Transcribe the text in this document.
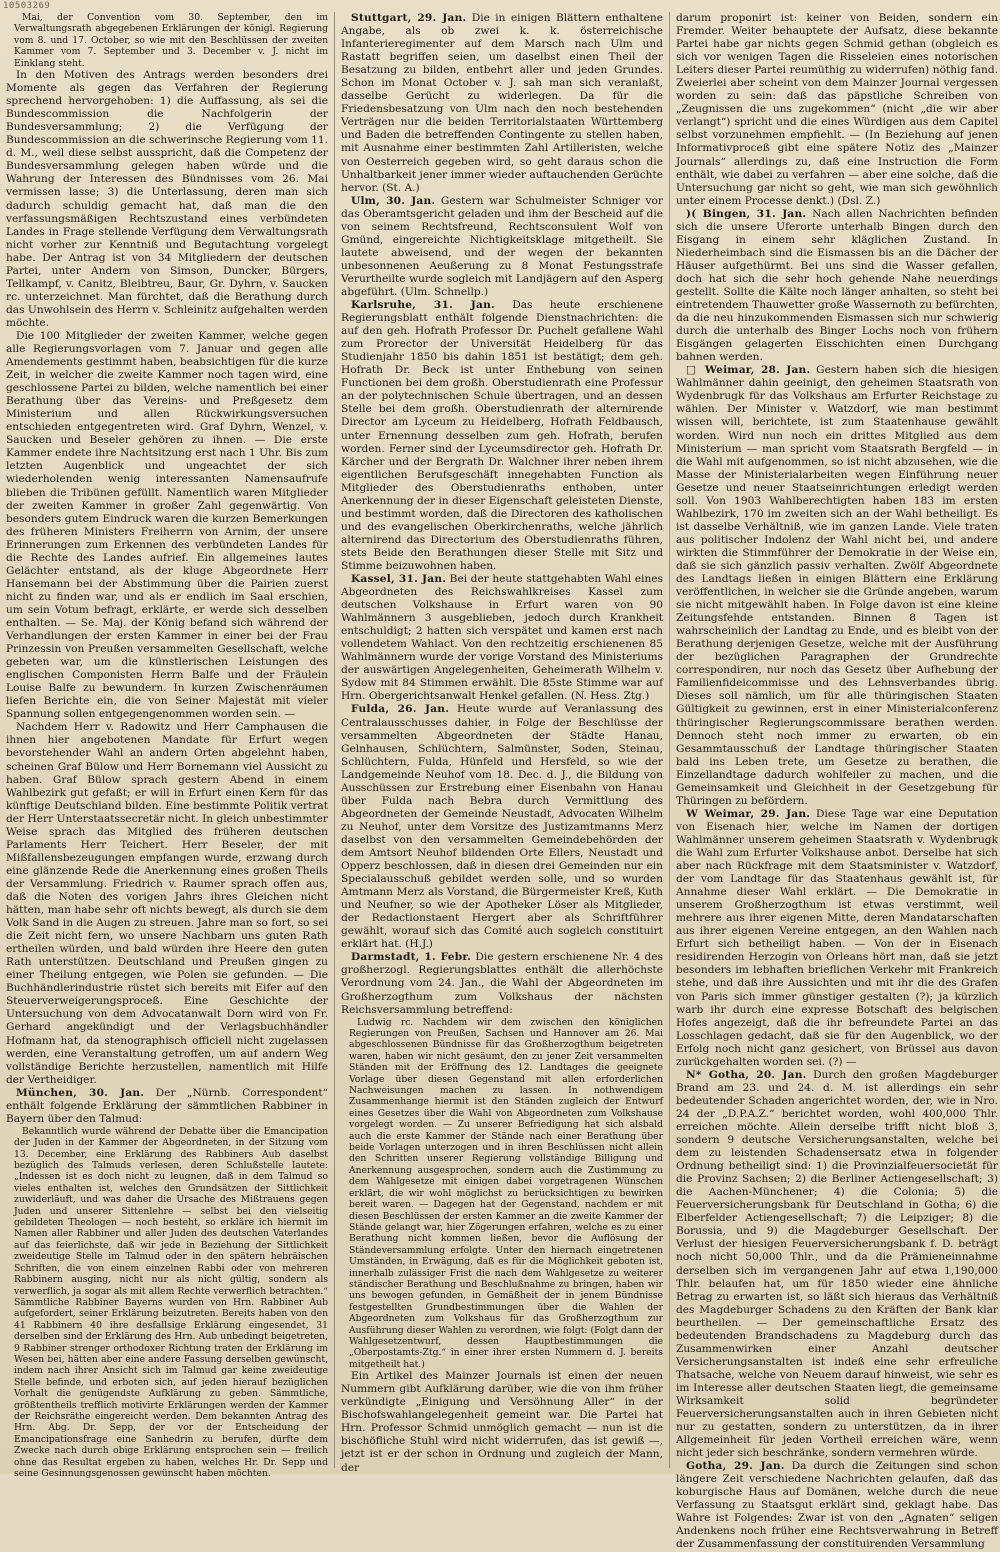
10503269

Mai, der Convention vom 30. September, den im Verwaltungsrath abgegebenen Erklärungen der königl. Regierung vom 8. und 17. October, so wie mit den Beschlüssen der zweiten Kammer vom 7. September und 3. December v. J. nicht im Einklang steht.

In den Motiven des Antrags werden besonders drei Momente als gegen das Verfahren der Regierung sprechend hervorgehoben: 1) die Auffassung, als sei die Bundescommission die Nachfolgerin der Bundesversammlung; 2) die Verfügung der Bundescommission an die schwerinsche Regierung vom 11. d. M., weil diese selbst ausspricht, daß die Competenz der Bundesversammlung gelegen haben würde und die Wahrung der Interessen des Bündnisses vom 26. Mai vermissen lasse; 3) die Unterlassung, deren man sich dadurch schuldig gemacht hat, daß man die den verfassungsmäßigen Rechtszustand eines verbündeten Landes in Frage stellende Verfügung dem Verwaltungsrath nicht vorher zur Kenntniß und Begutachtung vorgelegt habe. Der Antrag ist von 34 Mitgliedern der deutschen Partei, unter Andern von Simson, Duncker, Bürgers, Tellkampf, v. Canitz, Bleibtreu, Baur, Gr. Dyhrn, v. Saucken rc. unterzeichnet. Man fürchtet, daß die Berathung durch das Unwohlsein des Herrn v. Schleinitz aufgehalten werden möchte.

Die 100 Mitglieder der zweiten Kammer, welche gegen alle Regierungsvorlagen vom 7. Januar und gegen alle Amendements gestimmt haben, beabsichtigen für die kurze Zeit, in welcher die zweite Kammer noch tagen wird, eine geschlossene Partei zu bilden, welche namentlich bei einer Berathung über das Vereins- und Preßgesetz dem Ministerium und allen Rückwirkungsversuchen entschieden entgegentreten wird. Graf Dyhrn, Wenzel, v. Saucken und Beseler gehören zu ihnen. — Die erste Kammer endete ihre Nachtsitzung erst nach 1 Uhr. Bis zum letzten Augenblick und ungeachtet der sich wiederholenden wenig interessanten Namensaufrufe blieben die Tribünen gefüllt. Namentlich waren Mitglieder der zweiten Kammer in großer Zahl gegenwärtig. Von besonders gutem Eindruck waren die kurzen Bemerkungen des früheren Ministers Freiherrn von Arnim, der unsere Erinnerungen zum Erkennen des verbündeten Landes für die Rechte des Landes aufrief. Ein allgemeines lautes Gelächter entstand, als der kluge Abgeordnete Herr Hansemann bei der Abstimmung über die Pairien zuerst nicht zu finden war, und als er endlich im Saal erschien, um sein Votum befragt, erklärte, er werde sich desselben enthalten. — Se. Maj. der König befand sich während der Verhandlungen der ersten Kammer in einer bei der Frau Prinzessin von Preußen versammelten Gesellschaft, welche gebeten war, um die künstlerischen Leistungen des englischen Componisten Herrn Balfe und der Fräulein Louise Balfe zu bewundern. In kurzen Zwischenräumen liefen Berichte ein, die von Seiner Majestät mit vieler Spannung sollen entgegengenommen worden sein. —

Nachdem Herr v. Radowitz und Herr Camphausen die ihnen hier angebotenen Mandate für Erfurt wegen bevorstehender Wahl an andern Orten abgelehnt haben, scheinen Graf Bülow und Herr Bornemann viel Aussicht zu haben. Graf Bülow sprach gestern Abend in einem Wahlbezirk gut gefaßt; er will in Erfurt einen Kern für das künftige Deutschland bilden. Eine bestimmte Politik vertrat der Herr Unterstaatssecretär nicht. In gleich unbestimmter Weise sprach das Mitglied des früheren deutschen Parlaments Herr Teichert. Herr Beseler, der mit Mißfallensbezeugungen empfangen wurde, erzwang durch eine glänzende Rede die Anerkennung eines großen Theils der Versammlung. Friedrich v. Raumer sprach offen aus, daß die Noten des vorigen Jahrs ihres Gleichen nicht hätten, man habe sehr oft nichts bewegt, als durch sie dem Volk Sand in die Augen zu streuen. Jahre man so fort, so sei die Zeit nicht fern, wo unsere Nachbarn uns guten Rath ertheilen würden, und bald würden ihre Heere den guten Rath unterstützen. Deutschland und Preußen gingen zu einer Theilung entgegen, wie Polen sie gefunden. — Die Buchhändlerindustrie rüstet sich bereits mit Eifer auf den Steuerverweigerungsproceß. Eine Geschichte der Untersuchung von dem Advocatanwalt Dorn wird von Fr. Gerhard angekündigt und der Verlagsbuchhändler Hofmann hat, da stenographisch officiell nicht zugelassen werden, eine Veranstaltung getroffen, um auf andern Weg vollständige Berichte herzustellen, namentlich mit Hilfe der Vertheidiger.

München, 30. Jan. Der „Nürnb. Correspondent“ enthält folgende Erklärung der sämmtlichen Rabbiner in Bayern über den Talmud:

Bekanntlich wurde während der Debatte über die Emancipation der Juden in der Kammer der Abgeordneten, in der Sitzung vom 13. December, eine Erklärung des Rabbiners Aub daselbst bezüglich des Talmuds verlesen, deren Schlußstelle lautete: „Indessen ist es doch nicht zu leugnen, daß in dem Talmud so vieles enthalten ist, welches den Grundsätzen der Sittlichkeit zuwiderläuft, und was daher die Ursache des Mißtrauens gegen Juden und unserer Sittenlehre — selbst bei den vielseitig gebildeten Theologen — noch besteht, so erkläre ich hiermit im Namen aller Rabbiner und aller Juden des deutschen Vaterlandes auf das feierlichste, daß wir jede in Beziehung der Sittlichkeit zweideutige Stelle im Talmud oder in den spätern hebräischen Schriften, die von einem einzelnen Rabbi oder von mehreren Rabbinern ausging, nicht nur als nicht gültig, sondern als verwerflich, ja sogar als mit allem Rechte verwerflich betrachten.“ Sämmtliche Rabbiner Bayerns wurden von Hrn. Rabbiner Aub aufgefordert, seiner Erklärung beizutreten. Bereits haben von den 41 Rabbinern 40 ihre desfallsige Erklärung eingesendet, 31 derselben sind der Erklärung des Hrn. Aub unbedingt beigetreten, 9 Rabbiner strenger orthodoxer Richtung traten der Erklärung im Wesen bei, hätten aber eine andere Fassung derselben gewünscht, indem nach ihrer Ansicht sich im Talmud gar keine zweideutige Stelle befinde, und erboten sich, auf jeden hierauf bezüglichen Vorhalt die genügendste Aufklärung zu geben. Sämmtliche, größtentheils trefflich motivirte Erklärungen werden der Kammer der Reichsräthe eingereicht werden. Dem bekannten Antrag des Hrn. Abg. Dr. Sepp, der vor der Entscheidung der Emancipationsfrage eine Sanhedrin zu berufen, dürfte dem Zwecke nach durch obige Erklärung entsprochen sein — freilich ohne das Resultat ergeben zu haben, welches Hr. Dr. Sepp und seine Gesinnungsgenossen gewünscht haben möchten.

Stuttgart, 29. Jan. Die in einigen Blättern enthaltene Angabe, als ob zwei k. k. österreichische Infanterieregimenter auf dem Marsch nach Ulm und Rastatt begriffen seien, um daselbst einen Theil der Besatzung zu bilden, entbehrt aller und jeden Grundes. Schon im Monat October v. J. sah man sich veranlaßt, dasselbe Gerücht zu widerlegen. Da für die Friedensbesatzung von Ulm nach den noch bestehenden Verträgen nur die beiden Territorialstaaten Württemberg und Baden die betreffenden Contingente zu stellen haben, mit Ausnahme einer bestimmten Zahl Artilleristen, welche von Oesterreich gegeben wird, so geht daraus schon die Unhaltbarkeit jener immer wieder auftauchenden Gerüchte hervor. (St. A.)

Ulm, 30. Jan. Gestern war Schulmeister Schniger vor das Oberamtsgericht geladen und ihm der Bescheid auf die von seinem Rechtsfreund, Rechtsconsulent Wolf von Gmünd, eingereichte Nichtigkeitsklage mitgetheilt. Sie lautete abweisend, und der wegen der bekannten unbesonnenen Aeußerung zu 8 Monat Festungsstrafe Verurtheilte wurde sogleich mit Landjägern auf den Asperg abgeführt. (Ulm. Schnellp.)

Karlsruhe, 31. Jan. Das heute erschienene Regierungsblatt enthält folgende Dienstnachrichten: die auf den geh. Hofrath Professor Dr. Puchelt gefallene Wahl zum Prorector der Universität Heidelberg für das Studienjahr 1850 bis dahin 1851 ist bestätigt; dem geh. Hofrath Dr. Beck ist unter Enthebung von seinen Functionen bei dem großh. Oberstudienrath eine Professur an der polytechnischen Schule übertragen, und an dessen Stelle bei dem großh. Oberstudienrath der alternirende Director am Lyceum zu Heidelberg, Hofrath Feldbausch, unter Ernennung desselben zum geh. Hofrath, berufen worden. Ferner sind der Lyceumsdirector geh. Hofrath Dr. Kärcher und der Bergrath Dr. Walchner ihrer neben ihrem eigentlichen Berufsgeschäft innegehabten Function als Mitglieder des Oberstudienraths enthoben, unter Anerkennung der in dieser Eigenschaft geleisteten Dienste, und bestimmt worden, daß die Directoren des katholischen und des evangelischen Oberkirchenraths, welche jährlich alternirend das Directorium des Oberstudienraths führen, stets Beide den Berathungen dieser Stelle mit Sitz und Stimme beizuwohnen haben.

Kassel, 31. Jan. Bei der heute stattgehabten Wahl eines Abgeordneten des Reichswahlkreises Kassel zum deutschen Volkshause in Erfurt waren von 90 Wahlmännern 3 ausgeblieben, jedoch durch Krankheit entschuldigt; 2 hatten sich verspätet und kamen erst nach vollendetem Wahlact. Von den rechtzeitig erschienenen 85 Wahlmännern wurde der vorige Vorstand des Ministeriums der auswärtigen Angelegenheiten, Geheimerath Wilhelm v. Sydow mit 84 Stimmen erwählt. Die 85ste Stimme war auf Hrn. Obergerichtsanwalt Henkel gefallen. (N. Hess. Ztg.)

Fulda, 26. Jan. Heute wurde auf Veranlassung des Centralausschusses dahier, in Folge der Beschlüsse der versammelten Abgeordneten der Städte Hanau, Gelnhausen, Schlüchtern, Salmünster, Soden, Steinau, Schlüchtern, Fulda, Hünfeld und Hersfeld, so wie der Landgemeinde Neuhof vom 18. Dec. d. J., die Bildung von Ausschüssen zur Erstrebung einer Eisenbahn von Hanau über Fulda nach Bebra durch Vermittlung des Abgeordneten der Gemeinde Neustadt, Advocaten Wilhelm zu Neuhof, unter dem Vorsitze des Justizamtmanns Merz daselbst von den versammelten Gemeindebehörden der dem Amtsort Neuhof bildenden Orte Ellers, Neustadt und Opperz beschlossen, daß in diesen drei Gemeinden nur ein Specialausschuß gebildet werden solle, und so wurden Amtmann Merz als Vorstand, die Bürgermeister Kreß, Kuth und Neufner, so wie der Apotheker Löser als Mitglieder, der Redactionstaent Hergert aber als Schriftführer gewählt, worauf sich das Comité auch sogleich constituirt erklärt hat. (H.J.)

Darmstadt, 1. Febr. Die gestern erschienene Nr. 4 des großherzogl. Regierungsblattes enthält die allerhöchste Verordnung vom 24. Jan., die Wahl der Abgeordneten im Großherzogthum zum Volkshaus der nächsten Reichsversammlung betreffend:

Ludwig rc. Nachdem wir dem zwischen den königlichen Regierungen von Preußen, Sachsen und Hannover am 26. Mai abgeschlossenen Bündnisse für das Großherzogthum beigetreten waren, haben wir nicht gesäumt, den zu jener Zeit versammelten Ständen mit der Eröffnung des 12. Landtages die geeignete Vorlage über diesen Gegenstand mit allen erforderlichen Nachweisungen machen zu lassen. In nothwendigem Zusammenhange hiermit ist den Ständen zugleich der Entwurf eines Gesetzes über die Wahl von Abgeordneten zum Volkshause vorgelegt worden. — Zu unserer Befriedigung hat sich alsbald auch die erste Kammer der Stände nach einer Berathung über beide Vorlagen unterzogen und in ihren Beschlüssen nicht allein den Schritten unserer Regierung vollständige Billigung und Anerkennung ausgesprochen, sondern auch die Zustimmung zu dem Wahlgesetze mit einigen dabei vorgetragenen Wünschen erklärt, die wir wohl möglichst zu berücksichtigen zu bewirken bereit waren. — Dagegen hat der Gegenstand, nachdem er mit diesen Beschlüssen der ersten Kammer an die zweite Kammer der Stände gelangt war, hier Zögerungen erfahren, welche es zu einer Berathung nicht kommen ließen, bevor die Auflösung der Ständeversammlung erfolgte. Unter den hiernach eingetretenen Umständen, in Erwägung, daß es für die Möglichkeit geboten ist, innerhalb zulässiger Frist die nach dem Wahlgesetze zu weiterer ständischer Berathung und Beschlußnahme zu bringen, haben wir uns bewogen gefunden, in Gemäßheit der in jenem Bündnisse festgestellten Grundbestimmungen über die Wahlen der Abgeordneten zum Volkshaus für das Großherzogthum zur Ausführung dieser Wahlen zu verordnen, wie folgt: (Folgt dann der Wahlgesetzentwurf, dessen Hauptbestimmungen die „Oberpostamts-Ztg.“ in einer ihrer ersten Nummern d. J. bereits mitgetheilt hat.)

Ein Artikel des Mainzer Journals ist einen der neuen Nummern gibt Aufklärung darüber, wie die von ihm früher verkündigte „Einigung und Versöhnung Aller“ in der Bischofswahlangelegenheit gemeint war. Die Partei hat Hrn. Professor Schmid unmöglich gemacht — nun ist die bischöfliche Stuhl wird nicht widerrufen, das ist gewiß —, jetzt ist er der schon in Ordnung und zugleich der Mann, der

darum proponirt ist: keiner von Beiden, sondern ein Fremder. Weiter behauptete der Aufsatz, diese bekannte Partei habe gar nichts gegen Schmid gethan (obgleich es sich vor wenigen Tagen die Risseleien eines notorischen Leiters dieser Partei reumüthig zu widerrufen) nöthig fand. Zweierlei aber scheint von dem Mainzer Journal vergessen worden zu sein: daß das päpstliche Schreiben von „Zeugnissen die uns zugekommen“ (nicht „die wir aber verlangt“) spricht und die eines Würdigen aus dem Capitel selbst vorzunehmen empfiehlt. — (In Beziehung auf jenen Informativproceß gibt eine spätere Notiz des „Mainzer Journals“ allerdings zu, daß eine Instruction die Form enthält, wie dabei zu verfahren — aber eine solche, daß die Untersuchung gar nicht so geht, wie man sich gewöhnlich unter einem Processe denkt.) (Dsl. Z.)

)( Bingen, 31. Jan. Nach allen Nachrichten befinden sich die unsere Uferorte unterhalb Bingen durch den Eisgang in einem sehr kläglichen Zustand. In Niederheimbach sind die Eismassen bis an die Dächer der Häuser aufgethürmt. Bei uns sind die Wasser gefallen, doch hat sich die sehr hoch gehende Nahe neuerdings gestellt. Sollte die Kälte noch länger anhalten, so steht bei eintretendem Thauwetter große Wassernoth zu befürchten, da die neu hinzukommenden Eismassen sich nur schwierig durch die unterhalb des Binger Lochs noch von frühern Eisgängen gelagerten Eisschichten einen Durchgang bahnen werden.

□ Weimar, 28. Jan. Gestern haben sich die hiesigen Wahlmänner dahin geeinigt, den geheimen Staatsrath von Wydenbrugk für das Volkshaus am Erfurter Reichstage zu wählen. Der Minister v. Watzdorf, wie man bestimmt wissen will, berichtete, ist zum Staatenhause gewählt worden. Wird nun noch ein drittes Mitglied aus dem Ministerium — man spricht vom Staatsrath Bergfeld — in die Wahl mit aufgenommen, so ist nicht abzusehen, wie die Masse der Ministerialarbeiten wegen Einführung neuer Gesetze und neuer Staatseinrichtungen erledigt werden soll. Von 1903 Wahlberechtigten haben 183 im ersten Wahlbezirk, 170 im zweiten sich an der Wahl betheiligt. Es ist dasselbe Verhältniß, wie im ganzen Lande. Viele traten aus politischer Indolenz der Wahl nicht bei, und andere wirkten die Stimmführer der Demokratie in der Weise ein, daß sie sich gänzlich passiv verhalten. Zwölf Abgeordnete des Landtags ließen in einigen Blättern eine Erklärung veröffentlichen, in welcher sie die Gründe angeben, warum sie nicht mitgewählt haben. In Folge davon ist eine kleine Zeitungsfehde entstanden. Binnen 8 Tagen ist wahrscheinlich der Landtag zu Ende, und es bleibt von der Berathung derjenigen Gesetze, welche mit der Ausführung der bezüglichen Paragraphen der Grundrechte correspondiren, nur noch das Gesetz über Aufhebung der Familienfideicommisse und des Lehnsverbandes übrig. Dieses soll nämlich, um für alle thüringischen Staaten Gültigkeit zu gewinnen, erst in einer Ministerialconferenz thüringischer Regierungscommissare berathen werden. Dennoch steht noch immer zu erwarten, ob ein Gesammtausschuß der Landtage thüringischer Staaten bald ins Leben trete, um Gesetze zu berathen, die Einzellandtage dadurch wohlfeiler zu machen, und die Gemeinsamkeit und Gleichheit in der Gesetzgebung für Thüringen zu befördern.

W Weimar, 29. Jan. Diese Tage war eine Deputation von Eisenach hier, welche im Namen der dortigen Wahlmänner unserem geheimen Staatsrath v. Wydenbrugk die Wahl zum Erfurter Volkshause anbot. Derselbe hat sich aber nach Rückfrage mit dem Staatsminister v. Watzdorf, der vom Landtage für das Staatenhaus gewählt ist, für Annahme dieser Wahl erklärt. — Die Demokratie in unserem Großherzogthum ist etwas verstimmt, weil mehrere aus ihrer eigenen Mitte, deren Mandatarschaften aus ihrer eigenen Vereine entgegen, an den Wahlen nach Erfurt sich betheiligt haben. — Von der in Eisenach residirenden Herzogin von Orleans hört man, daß sie jetzt besonders im lebhaften brieflichen Verkehr mit Frankreich stehe, und daß ihre Aussichten und mit ihr die des Grafen von Paris sich immer günstiger gestalten (?); ja kürzlich warb ihr durch eine expresse Botschaft des belgischen Hofes angezeigt, daß die ihr befreundete Partei an das Losschlagen gedacht, daß sie für den Augenblick, wo der Erfolg noch nicht ganz gesichert, von Brüssel aus davon zurückgehalten worden sei. (?) —

N* Gotha, 20. Jan. Durch den großen Magdeburger Brand am 23. und 24. d. M. ist allerdings ein sehr bedeutender Schaden angerichtet worden, der, wie in Nro. 24 der „D.P.A.Z.“ berichtet worden, wohl 400,000 Thlr. erreichen möchte. Allein derselbe trifft nicht bloß 3, sondern 9 deutsche Versicherungsanstalten, welche bei dem zu leistenden Schadensersatz etwa in folgender Ordnung betheiligt sind: 1) die Provinzialfeuersocietät für die Provinz Sachsen; 2) die Berliner Actiengesellschaft; 3) die Aachen-Münchener; 4) die Colonia; 5) die Feuerversicherungsbank für Deutschland in Gotha; 6) die Elberfelder Actiengesellschaft; 7) die Leipziger; 8) die Borussia, und 9) die Magdeburger Gesellschaft. Der Verlust der hiesigen Feuerversicherungsbank f. D. beträgt noch nicht 50,000 Thlr., und da die Prämieneinnahme derselben sich im vergangenen Jahr auf etwa 1,190,000 Thlr. belaufen hat, um für 1850 wieder eine ähnliche Betrag zu erwarten ist, so läßt sich hieraus das Verhältniß des Magdeburger Schadens zu den Kräften der Bank klar beurtheilen. — Der gemeinschaftliche Ersatz des bedeutenden Brandschadens zu Magdeburg durch das Zusammenwirken einer Anzahl deutscher Versicherungsanstalten ist indeß eine sehr erfreuliche Thatsache, welche von Neuem darauf hinweist, wie sehr es im Interesse aller deutschen Staaten liegt, die gemeinsame Wirksamkeit solid begründeter Feuerversicherungsanstalten auch in ihren Gebieten nicht nur zu gestatten, sondern zu unterstützen, da in ihrer Allgemeinheit für jeden Vortheil erreichen wäre, wenn nicht jeder sich beschränke, sondern vermehren würde.

Gotha, 29. Jan. Da durch die Zeitungen sind schon längere Zeit verschiedene Nachrichten gelaufen, daß das koburgische Haus auf Domänen, welche durch die neue Verfassung zu Staatsgut erklärt sind, geklagt habe. Das Wahre ist Folgendes: Zwar ist von den „Agnaten“ seligen Andenkens noch früher eine Rechtsverwahrung in Betreff der Zusammenfassung der constituirenden Versammlung
